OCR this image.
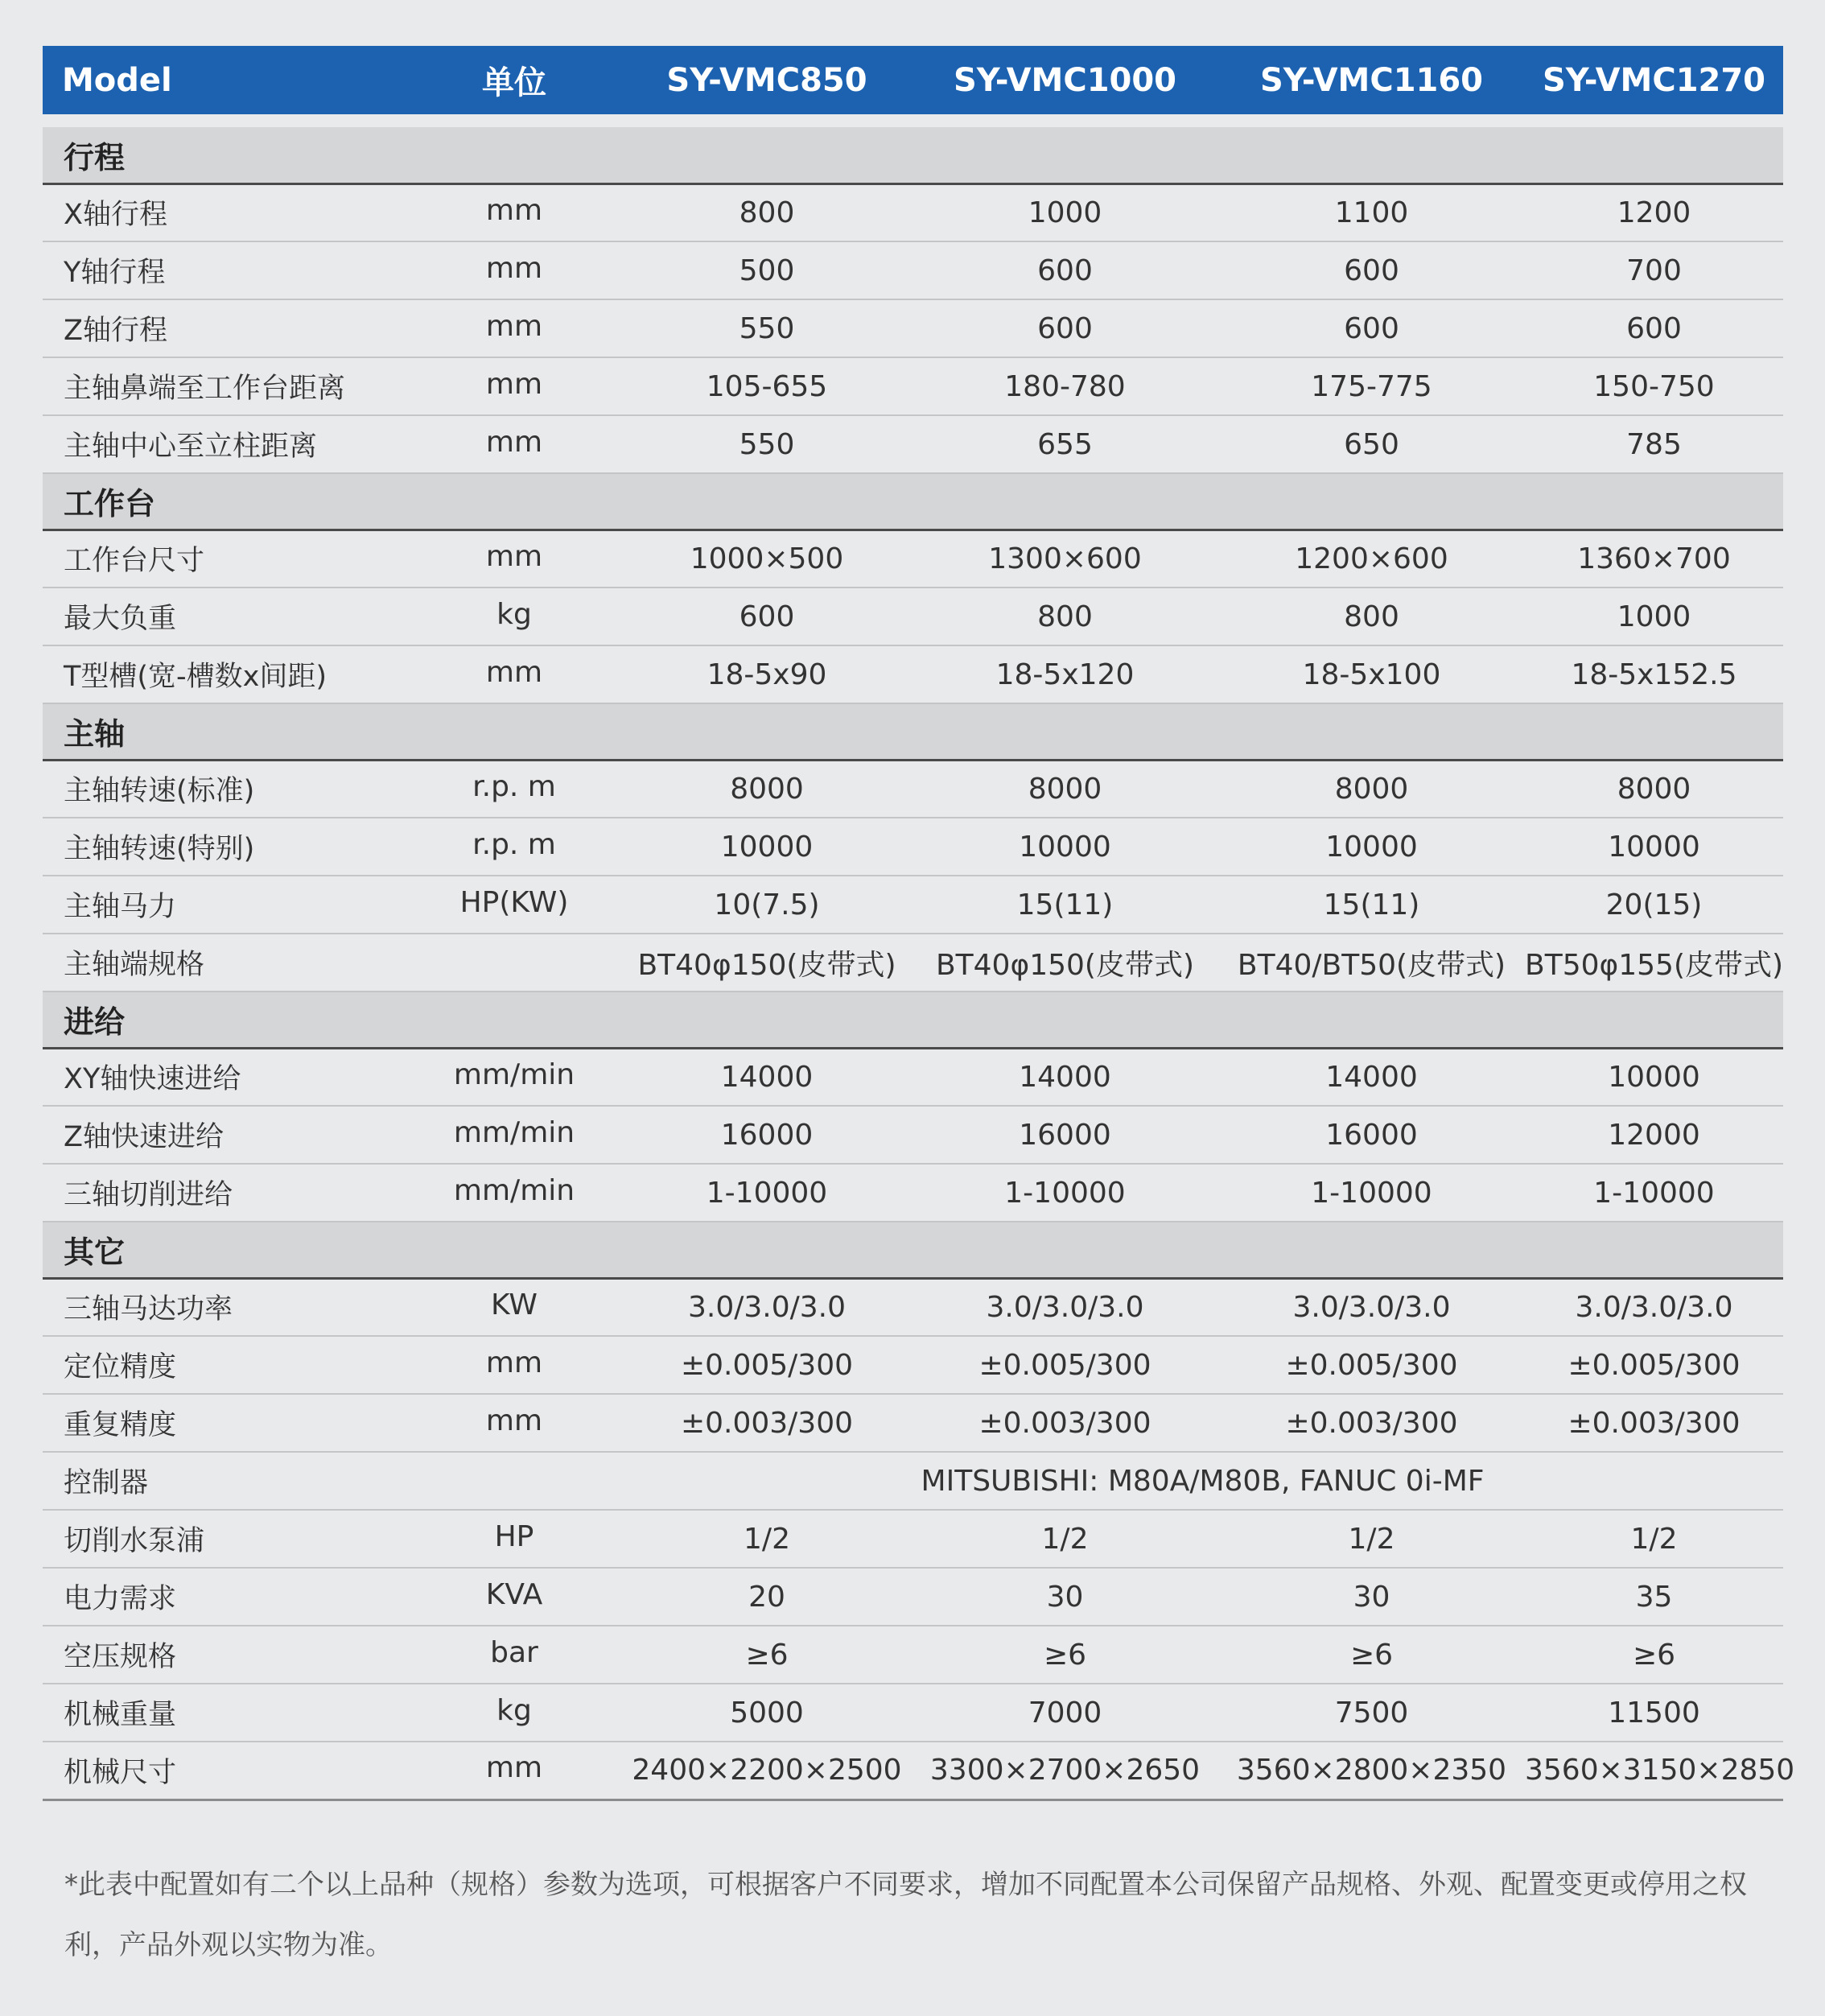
Model	单位	SY-VMC850	SY-VMC1000	SY-VMC1160	SY-VMC1270

行程					
X轴行程	mm	800	1000	1100	1200
Y轴行程	mm	500	600	600	700
Z轴行程	mm	550	600	600	600
主轴鼻端至工作台距离	mm	105-655	180-780	175-775	150-750
主轴中心至立柱距离	mm	550	655	650	785
工作台					
工作台尺寸	mm	1000×500	1300×600	1200×600	1360×700
最大负重	kg	600	800	800	1000
T型槽(宽-槽数x间距)	mm	18-5x90	18-5x120	18-5x100	18-5x152.5
主轴					
主轴转速(标准)	r.p. m	8000	8000	8000	8000
主轴转速(特别)	r.p. m	10000	10000	10000	10000
主轴马力	HP(KW)	10(7.5)	15(11)	15(11)	20(15)
主轴端规格		BT40φ150(皮带式)	BT40φ150(皮带式)	BT40/BT50(皮带式)	BT50φ155(皮带式)
进给					
XY轴快速进给	mm/min	14000	14000	14000	10000
Z轴快速进给	mm/min	16000	16000	16000	12000
三轴切削进给	mm/min	1-10000	1-10000	1-10000	1-10000
其它					
三轴马达功率	KW	3.0/3.0/3.0	3.0/3.0/3.0	3.0/3.0/3.0	3.0/3.0/3.0
定位精度	mm	±0.005/300	±0.005/300	±0.005/300	±0.005/300
重复精度	mm	±0.003/300	±0.003/300	±0.003/300	±0.003/300
控制器		MITSUBISHI: M80A/M80B, FANUC 0i-MF			
切削水泵浦	HP	1/2	1/2	1/2	1/2
电力需求	KVA	20	30	30	35
空压规格	bar	≥6	≥6	≥6	≥6
机械重量	kg	5000	7000	7500	11500
机械尺寸	mm	2400×2200×2500	3300×2700×2650	3560×2800×2350	3560×3150×2850
*此表中配置如有二个以上品种（规格）参数为选项，可根据客户不同要求，增加不同配置本公司保留产品规格、外观、配置变更或停用之权利，产品外观以实物为准。
